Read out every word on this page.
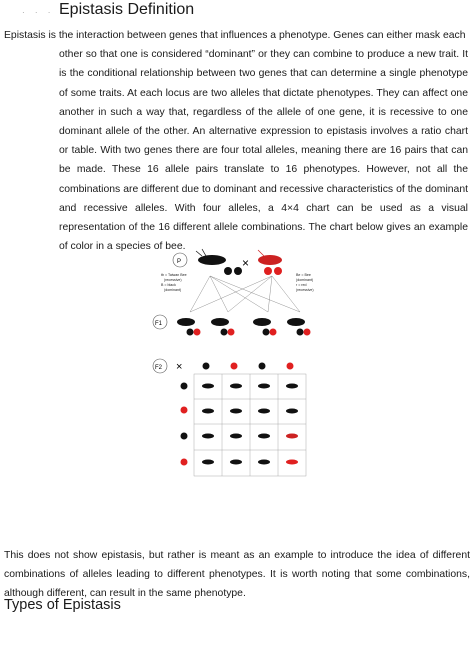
· · · Epistasis Definition

Epistasis is the interaction between genes that influences a phenotype. Genes can either mask each
other so that one is considered “dominant” or they can combine to produce a new trait. It is the conditional relationship between two genes that can determine a single phenotype of some traits. At each locus are two alleles that dictate phenotypes. They can affect one another in such a way that, regardless of the allele of one gene, it is recessive to one dominant allele of the other. An alternative expression to epistasis involves a ratio chart or table. With two genes there are four total alleles, meaning there are 16 pairs that can be made. These 16 allele pairs translate to 16 phenotypes. However, not all the combinations are different due to dominant and recessive characteristics of the dominant and recessive alleles. With four alleles, a 4×4 chart can be used as a visual representation of the 16 different allele combinations. The chart below gives an example of color in a species of bee.

P	×
tb = Taiwan Bee
(recessive)
B = black
(dominant)
Be = Bee
(dominant)
r = red
(recessive)
F1
F2 ×

This does not show epistasis, but rather is meant as an example to introduce the idea of different combinations of alleles leading to different phenotypes. It is worth noting that some combinations, although different, can result in the same phenotype.

Types of Epistasis
